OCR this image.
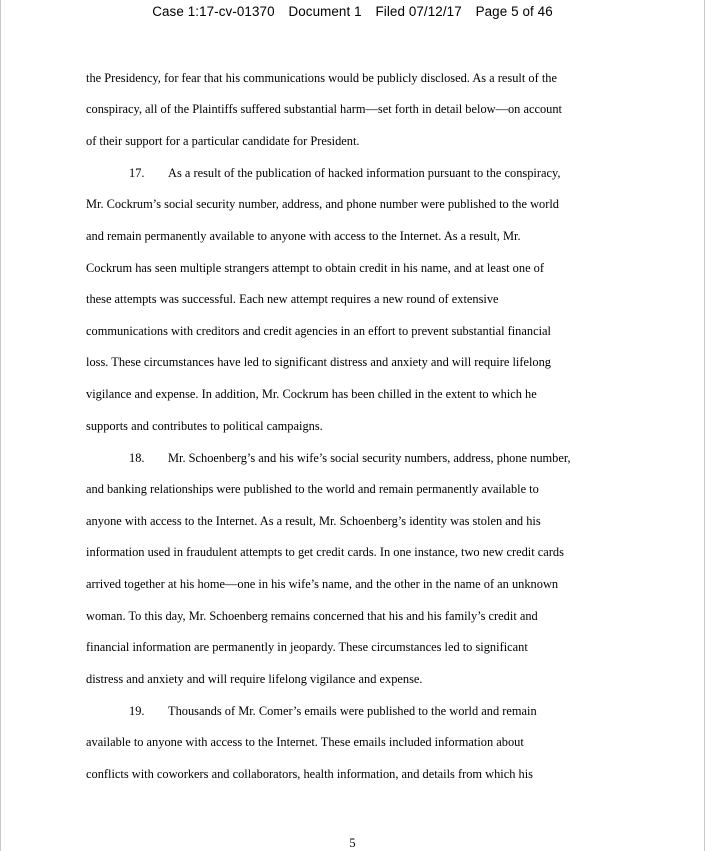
Case 1:17-cv-01370 Document 1 Filed 07/12/17 Page 5 of 46
the Presidency, for fear that his communications would be publicly disclosed. As a result of the
conspiracy, all of the Plaintiffs suffered substantial harm—set forth in detail below—on account
of their support for a particular candidate for President.
17. As a result of the publication of hacked information pursuant to the conspiracy,
Mr. Cockrum’s social security number, address, and phone number were published to the world
and remain permanently available to anyone with access to the Internet. As a result, Mr.
Cockrum has seen multiple strangers attempt to obtain credit in his name, and at least one of
these attempts was successful. Each new attempt requires a new round of extensive
communications with creditors and credit agencies in an effort to prevent substantial financial
loss. These circumstances have led to significant distress and anxiety and will require lifelong
vigilance and expense. In addition, Mr. Cockrum has been chilled in the extent to which he
supports and contributes to political campaigns.
18. Mr. Schoenberg’s and his wife’s social security numbers, address, phone number,
and banking relationships were published to the world and remain permanently available to
anyone with access to the Internet. As a result, Mr. Schoenberg’s identity was stolen and his
information used in fraudulent attempts to get credit cards. In one instance, two new credit cards
arrived together at his home—one in his wife’s name, and the other in the name of an unknown
woman. To this day, Mr. Schoenberg remains concerned that his and his family’s credit and
financial information are permanently in jeopardy. These circumstances led to significant
distress and anxiety and will require lifelong vigilance and expense.
19. Thousands of Mr. Comer’s emails were published to the world and remain
available to anyone with access to the Internet. These emails included information about
conflicts with coworkers and collaborators, health information, and details from which his
5
